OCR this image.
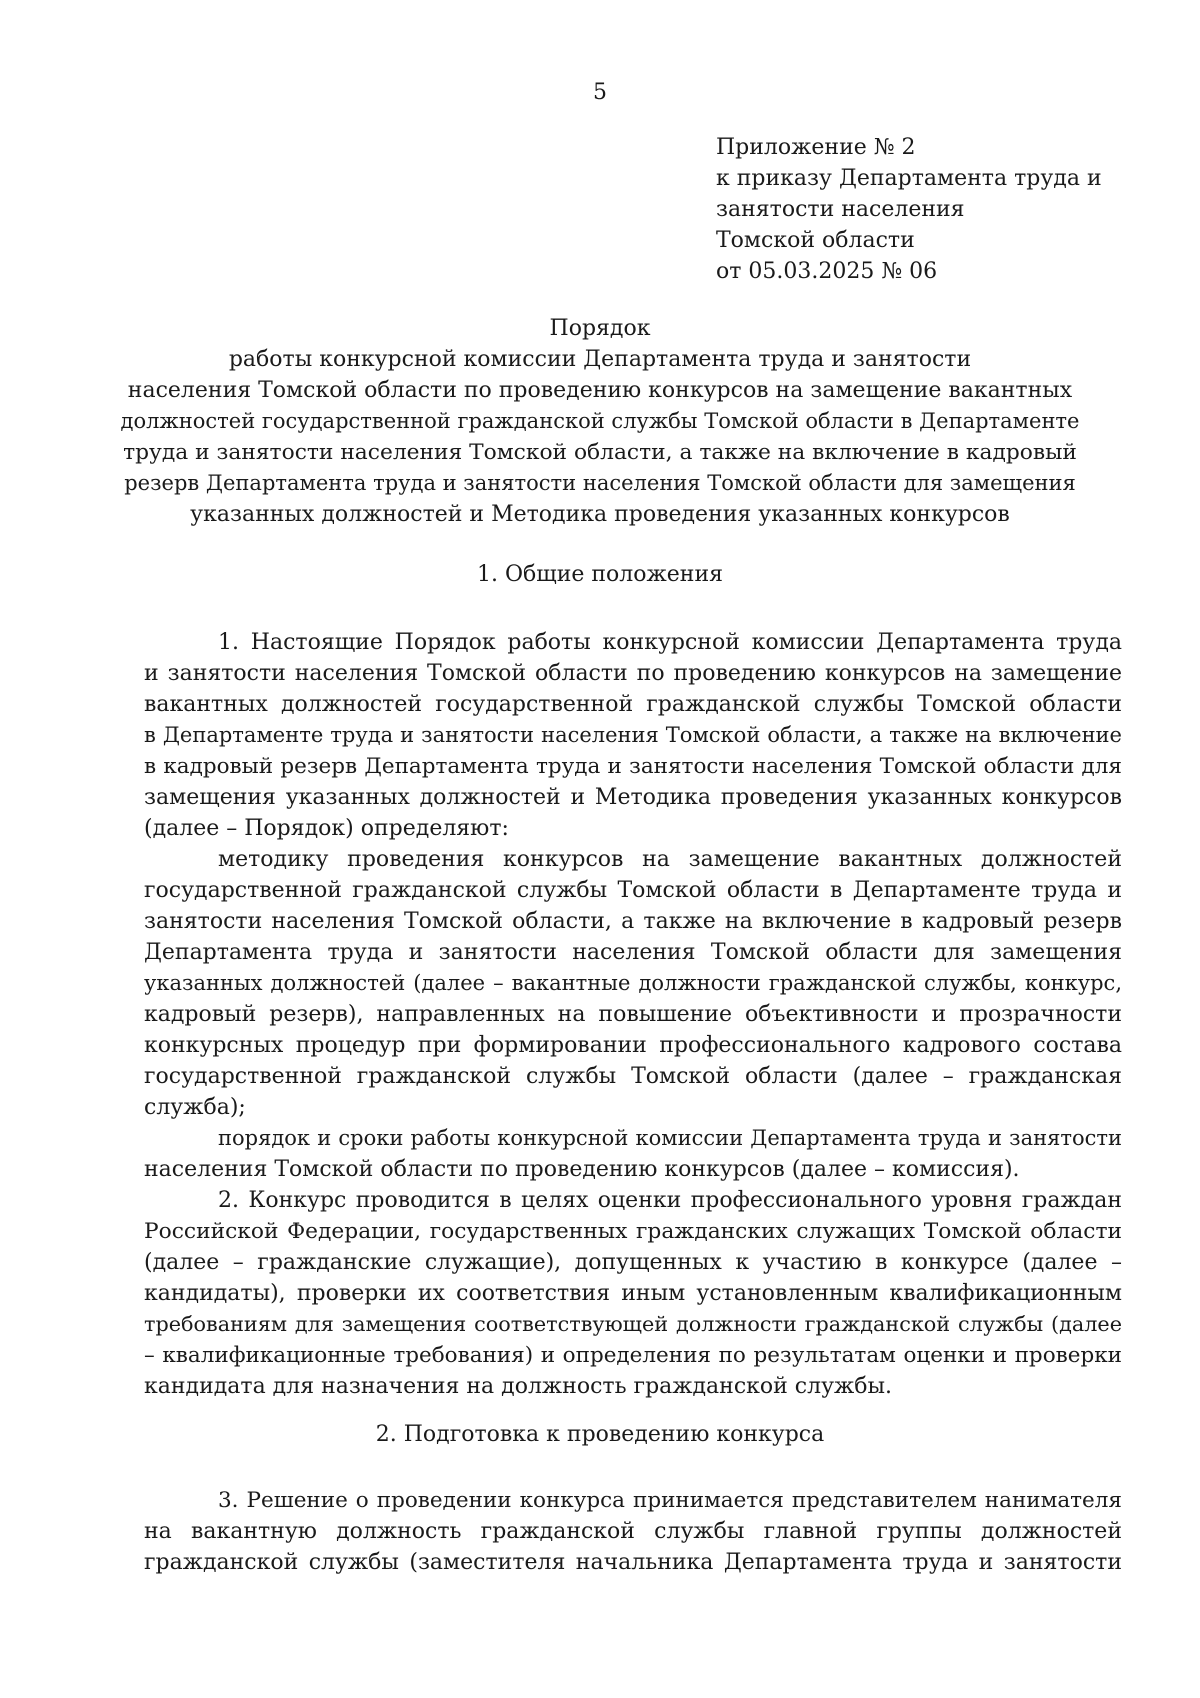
5
Приложение № 2
к приказу Департамента труда и
занятости населения
Томской области
от 05.03.2025 № 06
Порядок
работы конкурсной комиссии Департамента труда и занятости
населения Томской области по проведению конкурсов на замещение вакантных
должностей государственной гражданской службы Томской области в Департаменте
труда и занятости населения Томской области, а также на включение в кадровый
резерв Департамента труда и занятости населения Томской области для замещения
указанных должностей и Методика проведения указанных конкурсов
1. Общие положения
1. Настоящие Порядок работы конкурсной комиссии Департамента труда
и занятости населения Томской области по проведению конкурсов на замещение
вакантных должностей государственной гражданской службы Томской области
в Департаменте труда и занятости населения Томской области, а также на включение
в кадровый резерв Департамента труда и занятости населения Томской области для
замещения указанных должностей и Методика проведения указанных конкурсов
(далее – Порядок) определяют:
методику проведения конкурсов на замещение вакантных должностей
государственной гражданской службы Томской области в Департаменте труда и
занятости населения Томской области, а также на включение в кадровый резерв
Департамента труда и занятости населения Томской области для замещения
указанных должностей (далее – вакантные должности гражданской службы, конкурс,
кадровый резерв), направленных на повышение объективности и прозрачности
конкурсных процедур при формировании профессионального кадрового состава
государственной гражданской службы Томской области (далее – гражданская
служба);
порядок и сроки работы конкурсной комиссии Департамента труда и занятости
населения Томской области по проведению конкурсов (далее – комиссия).
2. Конкурс проводится в целях оценки профессионального уровня граждан
Российской Федерации, государственных гражданских служащих Томской области
(далее – гражданские служащие), допущенных к участию в конкурсе (далее –
кандидаты), проверки их соответствия иным установленным квалификационным
требованиям для замещения соответствующей должности гражданской службы (далее
– квалификационные требования) и определения по результатам оценки и проверки
кандидата для назначения на должность гражданской службы.
2. Подготовка к проведению конкурса
3. Решение о проведении конкурса принимается представителем нанимателя
на вакантную должность гражданской службы главной группы должностей
гражданской службы (заместителя начальника Департамента труда и занятости
